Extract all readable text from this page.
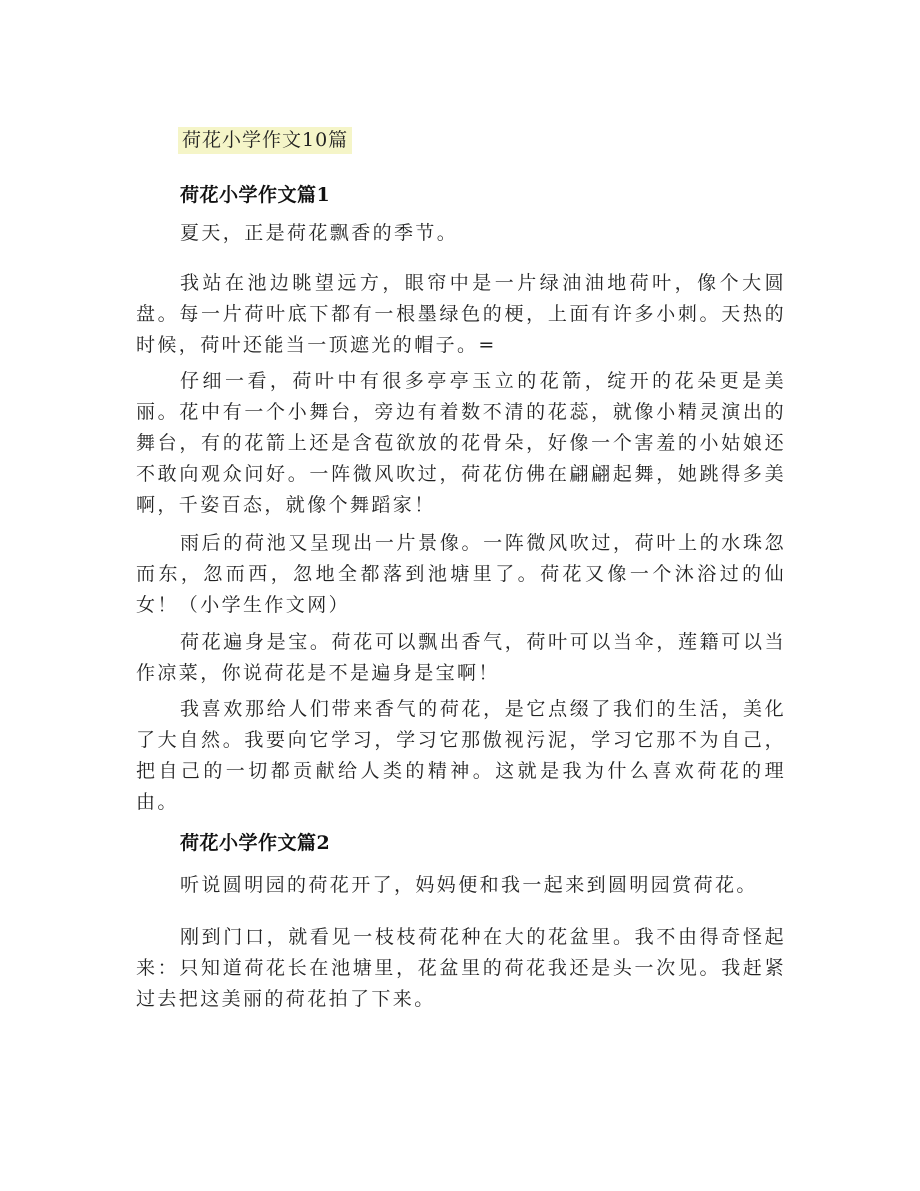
荷花小学作文10篇
荷花小学作文篇1

夏天，正是荷花飘香的季节。

我站在池边眺望远方，眼帘中是一片绿油油地荷叶，像个大圆盘。每一片荷叶底下都有一根墨绿色的梗，上面有许多小刺。天热的时候，荷叶还能当一顶遮光的帽子。=

仔细一看，荷叶中有很多亭亭玉立的花箭，绽开的花朵更是美丽。花中有一个小舞台，旁边有着数不清的花蕊，就像小精灵演出的舞台，有的花箭上还是含苞欲放的花骨朵，好像一个害羞的小姑娘还不敢向观众问好。一阵微风吹过，荷花仿佛在翩翩起舞，她跳得多美啊，千姿百态，就像个舞蹈家！

雨后的荷池又呈现出一片景像。一阵微风吹过，荷叶上的水珠忽而东，忽而西，忽地全都落到池塘里了。荷花又像一个沐浴过的仙女！（小学生作文网）

荷花遍身是宝。荷花可以飘出香气，荷叶可以当伞，莲籍可以当作凉菜，你说荷花是不是遍身是宝啊！

我喜欢那给人们带来香气的荷花，是它点缀了我们的生活，美化了大自然。我要向它学习，学习它那傲视污泥，学习它那不为自己，把自己的一切都贡献给人类的精神。这就是我为什么喜欢荷花的理由。

荷花小学作文篇2

听说圆明园的荷花开了，妈妈便和我一起来到圆明园赏荷花。

刚到门口，就看见一枝枝荷花种在大的花盆里。我不由得奇怪起来：只知道荷花长在池塘里，花盆里的荷花我还是头一次见。我赶紧过去把这美丽的荷花拍了下来。
